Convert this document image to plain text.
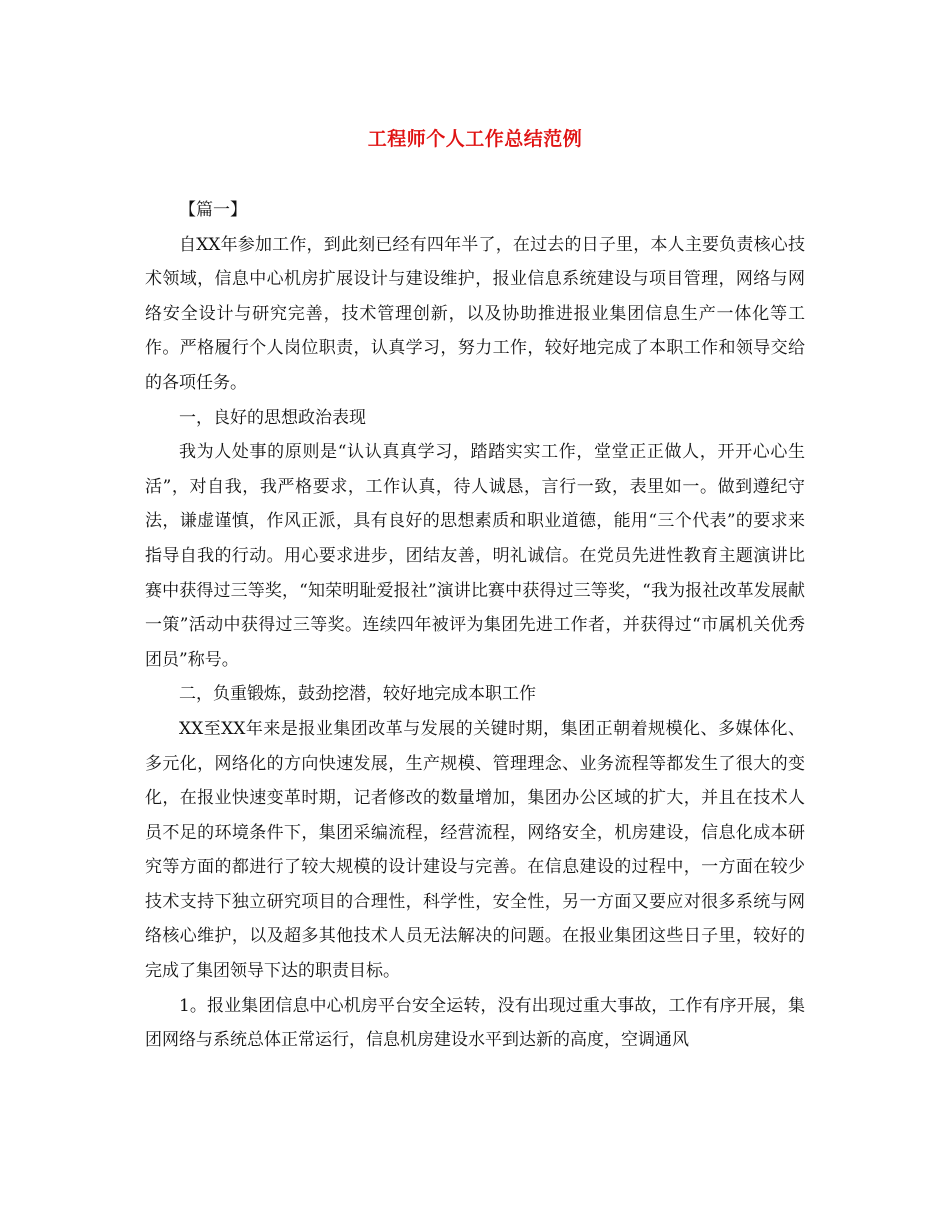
工程师个人工作总结范例

【篇一】

自XX年参加工作，到此刻已经有四年半了，在过去的日子里，本人主要负责核心技术领域，信息中心机房扩展设计与建设维护，报业信息系统建设与项目管理，网络与网络安全设计与研究完善，技术管理创新，以及协助推进报业集团信息生产一体化等工作。严格履行个人岗位职责，认真学习，努力工作，较好地完成了本职工作和领导交给的各项任务。

一，良好的思想政治表现

我为人处事的原则是“认认真真学习，踏踏实实工作，堂堂正正做人，开开心心生活”，对自我，我严格要求，工作认真，待人诚恳，言行一致，表里如一。做到遵纪守法，谦虚谨慎，作风正派，具有良好的思想素质和职业道德，能用“三个代表”的要求来指导自我的行动。用心要求进步，团结友善，明礼诚信。在党员先进性教育主题演讲比赛中获得过三等奖，“知荣明耻爱报社”演讲比赛中获得过三等奖，“我为报社改革发展献一策”活动中获得过三等奖。连续四年被评为集团先进工作者，并获得过“市属机关优秀团员”称号。

二，负重锻炼，鼓劲挖潜，较好地完成本职工作

XX至XX年来是报业集团改革与发展的关键时期，集团正朝着规模化、多媒体化、多元化，网络化的方向快速发展，生产规模、管理理念、业务流程等都发生了很大的变化，在报业快速变革时期，记者修改的数量增加，集团办公区域的扩大，并且在技术人员不足的环境条件下，集团采编流程，经营流程，网络安全，机房建设，信息化成本研究等方面的都进行了较大规模的设计建设与完善。在信息建设的过程中，一方面在较少技术支持下独立研究项目的合理性，科学性，安全性，另一方面又要应对很多系统与网络核心维护，以及超多其他技术人员无法解决的问题。在报业集团这些日子里，较好的完成了集团领导下达的职责目标。

1。报业集团信息中心机房平台安全运转，没有出现过重大事故，工作有序开展，集团网络与系统总体正常运行，信息机房建设水平到达新的高度，空调通风
